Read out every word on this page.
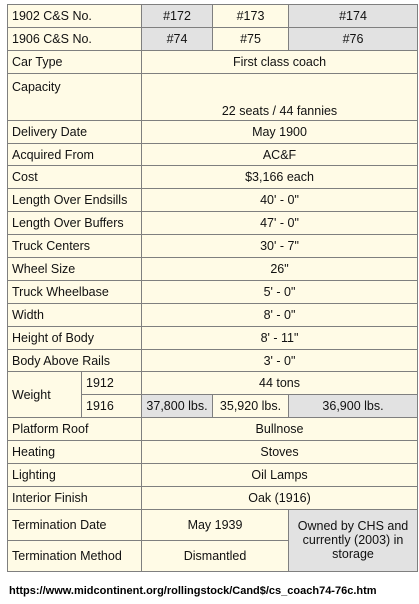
1902 C&S No.		#172	#173	#174
1906 C&S No.		#74	#75	#76
Car Type		First class coach		
Capacity		22 seats / 44 fannies		
Delivery Date		May 1900		
Acquired From		AC&F		
Cost		$3,166 each		
Length Over Endsills		40' - 0"		
Length Over Buffers		47' - 0"		
Truck Centers		30' - 7"		
Wheel Size		26"		
Truck Wheelbase		5' - 0"		
Width		8' - 0"		
Height of Body		8' - 11"		
Body Above Rails		3' - 0"		
Weight	1912	44 tons		
	1916	37,800 lbs.	35,920 lbs.	36,900 lbs.
Platform Roof		Bullnose		
Heating		Stoves		
Lighting		Oil Lamps		
Interior Finish		Oak (1916)		
Termination Date		May 1939		Owned by CHS and currently (2003) in storage
Termination Method		Dismantled		
https://www.midcontinent.org/rollingstock/Cand$/cs_coach74-76c.htm
